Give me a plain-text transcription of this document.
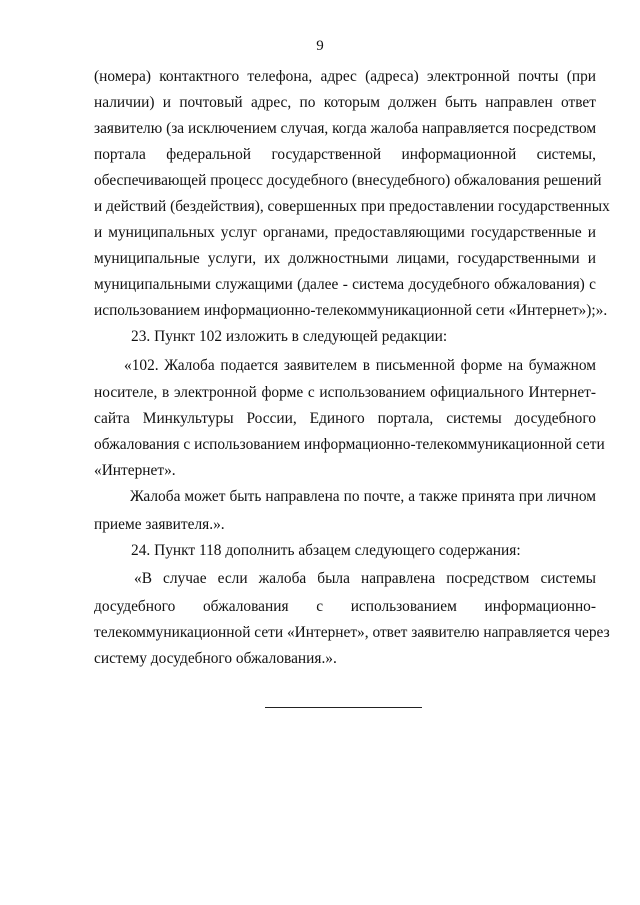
9
(номера) контактного телефона, адрес (адреса) электронной почты (при
наличии) и почтовый адрес, по которым должен быть направлен ответ
заявителю (за исключением случая, когда жалоба направляется посредством
портала федеральной государственной информационной системы,
обеспечивающей процесс досудебного (внесудебного) обжалования решений
и действий (бездействия), совершенных при предоставлении государственных
и муниципальных услуг органами, предоставляющими государственные и
муниципальные услуги, их должностными лицами, государственными и
муниципальными служащими (далее - система досудебного обжалования) с
использованием информационно-телекоммуникационной сети «Интернет»);».
23. Пункт 102 изложить в следующей редакции:
«102. Жалоба подается заявителем в письменной форме на бумажном
носителе, в электронной форме с использованием официального Интернет-
сайта Минкультуры России, Единого портала, системы досудебного
обжалования с использованием информационно-телекоммуникационной сети
«Интернет».
Жалоба может быть направлена по почте, а также принята при личном
приеме заявителя.».
24. Пункт 118 дополнить абзацем следующего содержания:
«В случае если жалоба была направлена посредством системы
досудебного обжалования с использованием информационно-
телекоммуникационной сети «Интернет», ответ заявителю направляется через
систему досудебного обжалования.».
